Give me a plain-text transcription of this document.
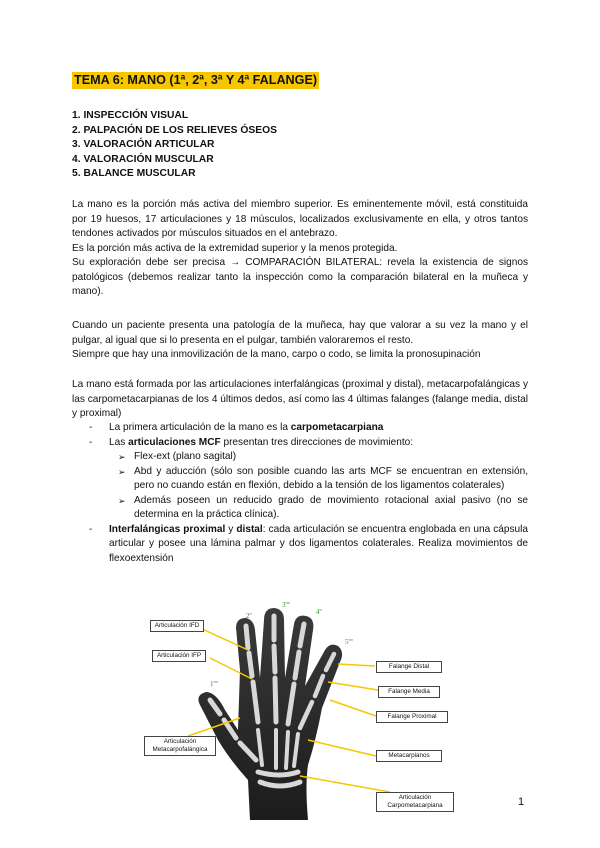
TEMA 6: MANO (1ª, 2ª, 3ª Y 4ª FALANGE)
1. INSPECCIÓN VISUAL
2. PALPACIÓN DE LOS RELIEVES ÓSEOS
3. VALORACIÓN ARTICULAR
4. VALORACIÓN MUSCULAR
5. BALANCE MUSCULAR

La mano es la porción más activa del miembro superior. Es eminentemente móvil, está constituida por 19 huesos, 17 articulaciones y 18 músculos, localizados exclusivamente en ella, y otros tantos tendones activados por músculos situados en el antebrazo.

Es la porción más activa de la extremidad superior y la menos protegida.

Su exploración debe ser precisa → COMPARACIÓN BILATERAL: revela la existencia de signos patológicos (debemos realizar tanto la inspección como la comparación bilateral en la muñeca y mano).

Cuando un paciente presenta una patología de la muñeca, hay que valorar a su vez la mano y el pulgar, al igual que si lo presenta en el pulgar, también valoraremos el resto.

Siempre que hay una inmovilización de la mano, carpo o codo, se limita la pronosupinación

La mano está formada por las articulaciones interfalángicas (proximal y distal), metacarpofalángicas y las carpometacarpianas de los 4 últimos dedos, así como las 4 últimas falanges (falange media, distal y proximal)

- La primera articulación de la mano es la carpometacarpiana
- Las articulaciones MCF presentan tres direcciones de movimiento:
➢ Flex-ext (plano sagital)
➢ Abd y aducción (sólo son posible cuando las arts MCF se encuentran en extensión, pero no cuando están en flexión, debido a la tensión de los ligamentos colaterales)
➢ Además poseen un reducido grado de movimiento rotacional axial pasivo (no se determina en la práctica clínica).
- Interfalángicas proximal y distal: cada articulación se encuentra englobada en una cápsula articular y posee una lámina palmar y dos ligamentos colaterales. Realiza movimientos de flexoextensión
Articulación IFD
Articulación IFP
Articulación Metacarpofalángica
Falange Distal
Falange Media
Falange Proximal
Metacarpianos
Articulación Carpometacarpiana
2º
3ºº
4º
5ºº
1ºº
1
